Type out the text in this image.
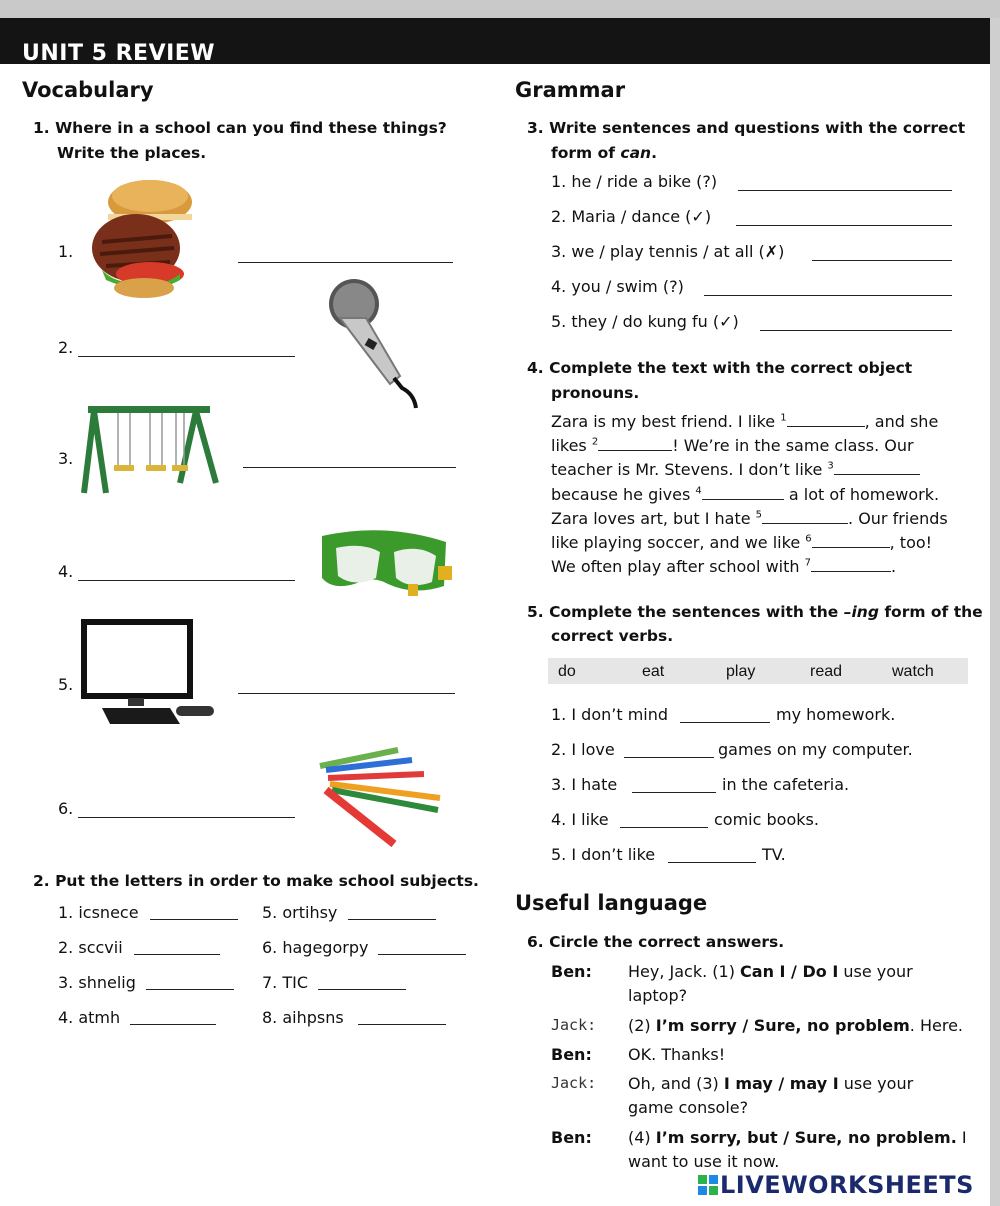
UNIT 5 REVIEW
Vocabulary
1. Where in a school can you find these things?
Write the places.
1.
2.
3.
4.
5.
6.
2. Put the letters in order to make school subjects.
1. icsnece
2. sccvii
3. shnelig
4. atmh
5. ortihsy
6. hagegorpy
7. TIC
8. aihpsns
Grammar
3. Write sentences and questions with the correct
form of can.
1. he / ride a bike (?)
2. Maria / dance (✓)
3. we / play tennis / at all (✗)
4. you / swim (?)
5. they / do kung fu (✓)
4. Complete the text with the correct object
pronouns.
Zara is my best friend. I like $^1$	, and she
likes $^2$	! We’re in the same class. Our
teacher is Mr. Stevens. I don’t like $^3$
because he gives $^4$	a lot of homework.
Zara loves art, but I hate $^5$	. Our friends
like playing soccer, and we like $^6$	, too!
We often play after school with $^7$	.
5. Complete the sentences with the –ing form of the
correct verbs.
do	eat	play	read	watch
1. I don’t mind	my homework.
2. I love	games on my computer.
3. I hate	in the cafeteria.
4. I like	comic books.
5. I don’t like	TV.
Useful language
6. Circle the correct answers.
Ben: Hey, Jack. (1) Can I / Do I use your
laptop?
Jack: (2) I’m sorry / Sure, no problem. Here.
Ben: OK. Thanks!
Jack: Oh, and (3) I may / may I use your
game console?
Ben: (4) I’m sorry, but / Sure, no problem. I
want to use it now.
LIVEWORKSHEETS
